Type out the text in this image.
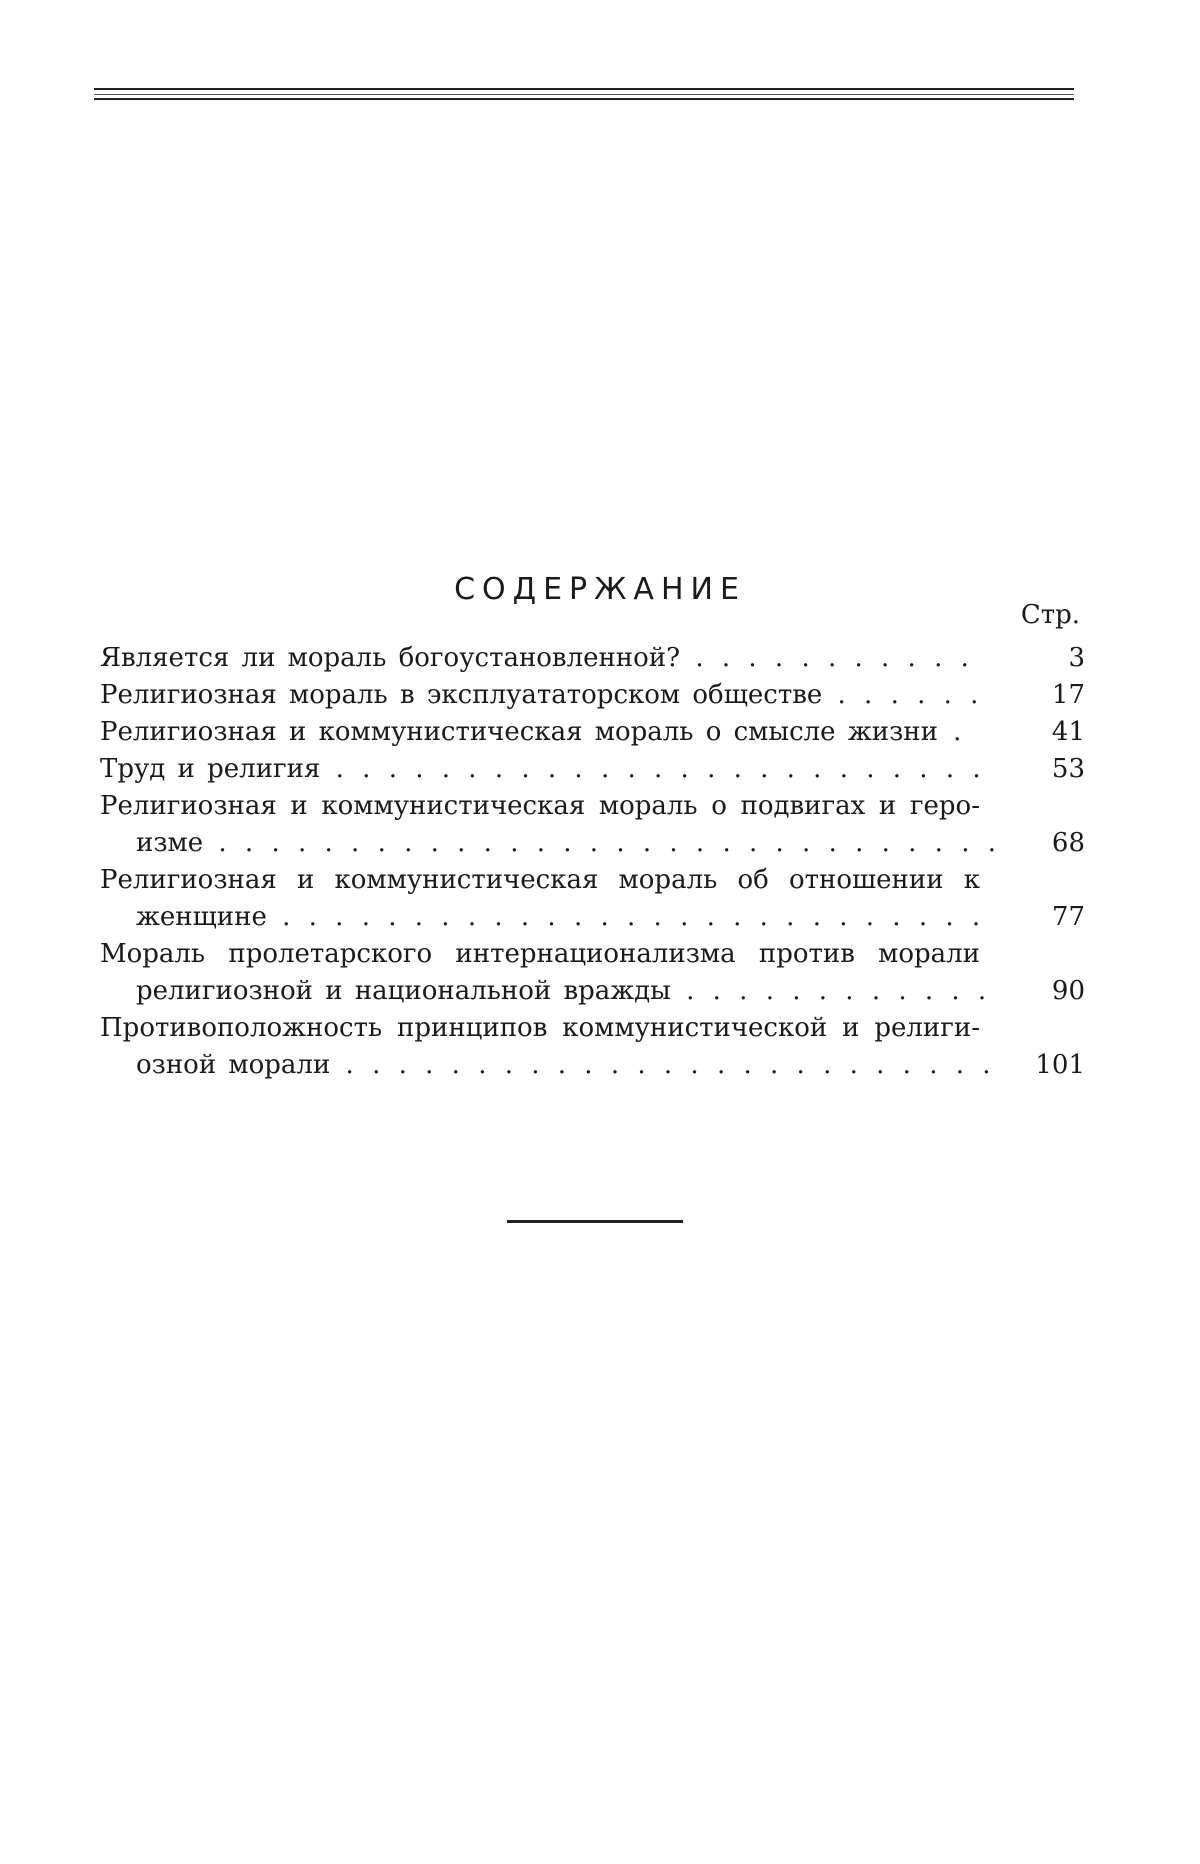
СОДЕРЖАНИЕ
Стр.
Является ли мораль богоустановленной? . . .	3
Религиозная мораль в эксплуататорском обществе . . .	17
Религиозная и коммунистическая мораль о смысле жизни . . .	41
Труд и религия . . .	53
Религиозная и коммунистическая мораль о подвигах и геро-
изме . . .	68
Религиозная и коммунистическая мораль об отношении к
женщине . . .	77
Мораль пролетарского интернационализма против морали
религиозной и национальной вражды . . .	90
Противоположность принципов коммунистической и религи-
озной морали . . .	101
